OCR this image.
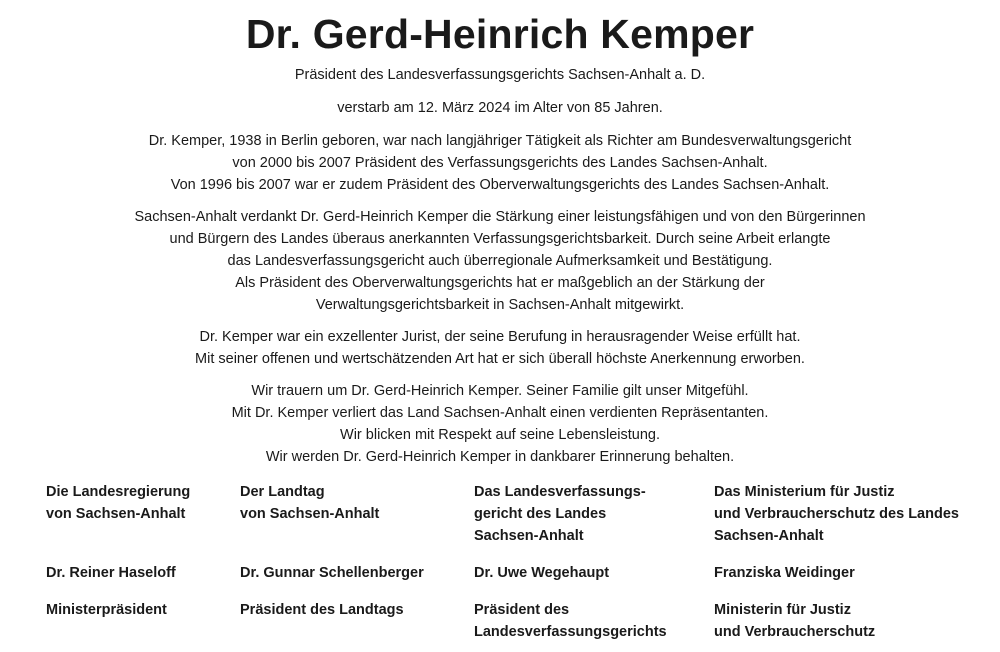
Dr. Gerd-Heinrich Kemper
Präsident des Landesverfassungsgerichts Sachsen-Anhalt a. D.
verstarb am 12. März 2024 im Alter von 85 Jahren.
Dr. Kemper, 1938 in Berlin geboren, war nach langjähriger Tätigkeit als Richter am Bundesverwaltungsgericht
von 2000 bis 2007 Präsident des Verfassungsgerichts des Landes Sachsen-Anhalt.
Von 1996 bis 2007 war er zudem Präsident des Oberverwaltungsgerichts des Landes Sachsen-Anhalt.
Sachsen-Anhalt verdankt Dr. Gerd-Heinrich Kemper die Stärkung einer leistungsfähigen und von den Bürgerinnen
und Bürgern des Landes überaus anerkannten Verfassungsgerichtsbarkeit. Durch seine Arbeit erlangte
das Landesverfassungsgericht auch überregionale Aufmerksamkeit und Bestätigung.
Als Präsident des Oberverwaltungsgerichts hat er maßgeblich an der Stärkung der
Verwaltungsgerichtsbarkeit in Sachsen-Anhalt mitgewirkt.
Dr. Kemper war ein exzellenter Jurist, der seine Berufung in herausragender Weise erfüllt hat.
Mit seiner offenen und wertschätzenden Art hat er sich überall höchste Anerkennung erworben.
Wir trauern um Dr. Gerd-Heinrich Kemper. Seiner Familie gilt unser Mitgefühl.
Mit Dr. Kemper verliert das Land Sachsen-Anhalt einen verdienten Repräsentanten.
Wir blicken mit Respekt auf seine Lebensleistung.
Wir werden Dr. Gerd-Heinrich Kemper in dankbarer Erinnerung behalten.
Die Landesregierung
von Sachsen-Anhalt
Dr. Reiner Haseloff
Ministerpräsident
Der Landtag
von Sachsen-Anhalt
Dr. Gunnar Schellenberger
Präsident des Landtags
Das Landesverfassungs-
gericht des Landes
Sachsen-Anhalt
Dr. Uwe Wegehaupt
Präsident des
Landesverfassungsgerichts
Das Ministerium für Justiz
und Verbraucherschutz des Landes
Sachsen-Anhalt
Franziska Weidinger
Ministerin für Justiz
und Verbraucherschutz
